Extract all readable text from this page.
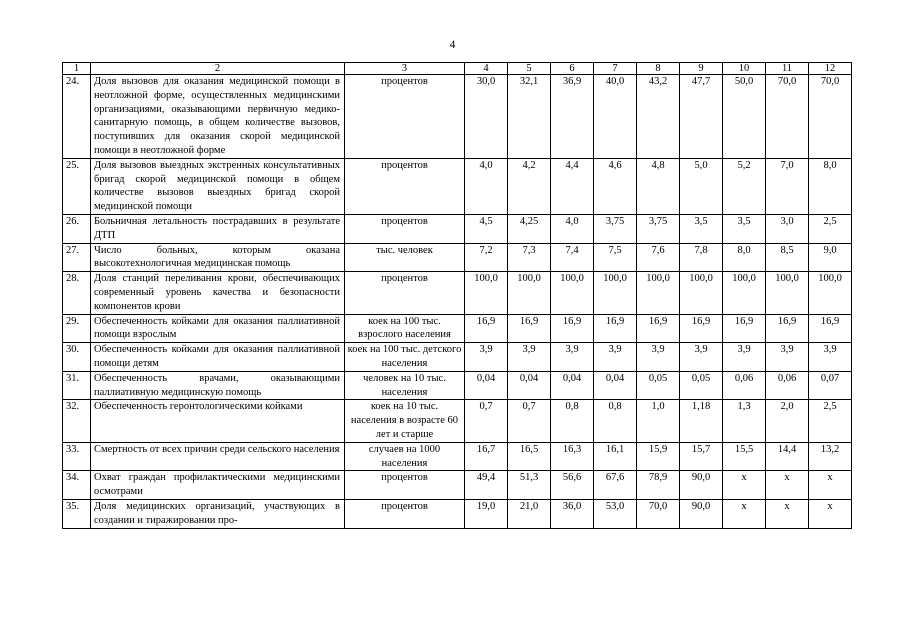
4
1	2	3	4	5	6	7	8	9	10	11	12
24.	Доля вызовов для оказания медицинской помощи в неотложной форме, осуществленных медицинскими организациями, оказывающими первичную медико-санитарную помощь, в общем количестве вызовов, поступивших для оказания скорой медицинской помощи в неотложной форме	процентов	30,0	32,1	36,9	40,0	43,2	47,7	50,0	70,0	70,0
25.	Доля вызовов выездных экстренных консультативных бригад скорой медицинской помощи в общем количестве вызовов выездных бригад скорой медицинской помощи	процентов	4,0	4,2	4,4	4,6	4,8	5,0	5,2	7,0	8,0
26.	Больничная летальность пострадавших в результате ДТП	процентов	4,5	4,25	4,0	3,75	3,75	3,5	3,5	3,0	2,5
27.	Число больных, которым оказана высокотехнологичная медицинская помощь	тыс. человек	7,2	7,3	7,4	7,5	7,6	7,8	8,0	8,5	9,0
28.	Доля станций переливания крови, обеспечивающих современный уровень качества и безопасности компонентов крови	процентов	100,0	100,0	100,0	100,0	100,0	100,0	100,0	100,0	100,0
29.	Обеспеченность койками для оказания паллиативной помощи взрослым	коек на 100 тыс. взрослого населения	16,9	16,9	16,9	16,9	16,9	16,9	16,9	16,9	16,9
30.	Обеспеченность койками для оказания паллиативной помощи детям	коек на 100 тыс. детского населения	3,9	3,9	3,9	3,9	3,9	3,9	3,9	3,9	3,9
31.	Обеспеченность врачами, оказывающими паллиативную медицинскую помощь	человек на 10 тыс. населения	0,04	0,04	0,04	0,04	0,05	0,05	0,06	0,06	0,07
32.	Обеспеченность геронтологическими койками	коек на 10 тыс. населения в возрасте 60 лет и старше	0,7	0,7	0,8	0,8	1,0	1,18	1,3	2,0	2,5
33.	Смертность от всех причин среди сельского населения	случаев на 1000 населения	16,7	16,5	16,3	16,1	15,9	15,7	15,5	14,4	13,2
34.	Охват граждан профилактическими медицинскими осмотрами	процентов	49,4	51,3	56,6	67,6	78,9	90,0	х	х	х
35.	Доля медицинских организаций, участвующих в создании и тиражировании про-	процентов	19,0	21,0	36,0	53,0	70,0	90,0	х	х	х
